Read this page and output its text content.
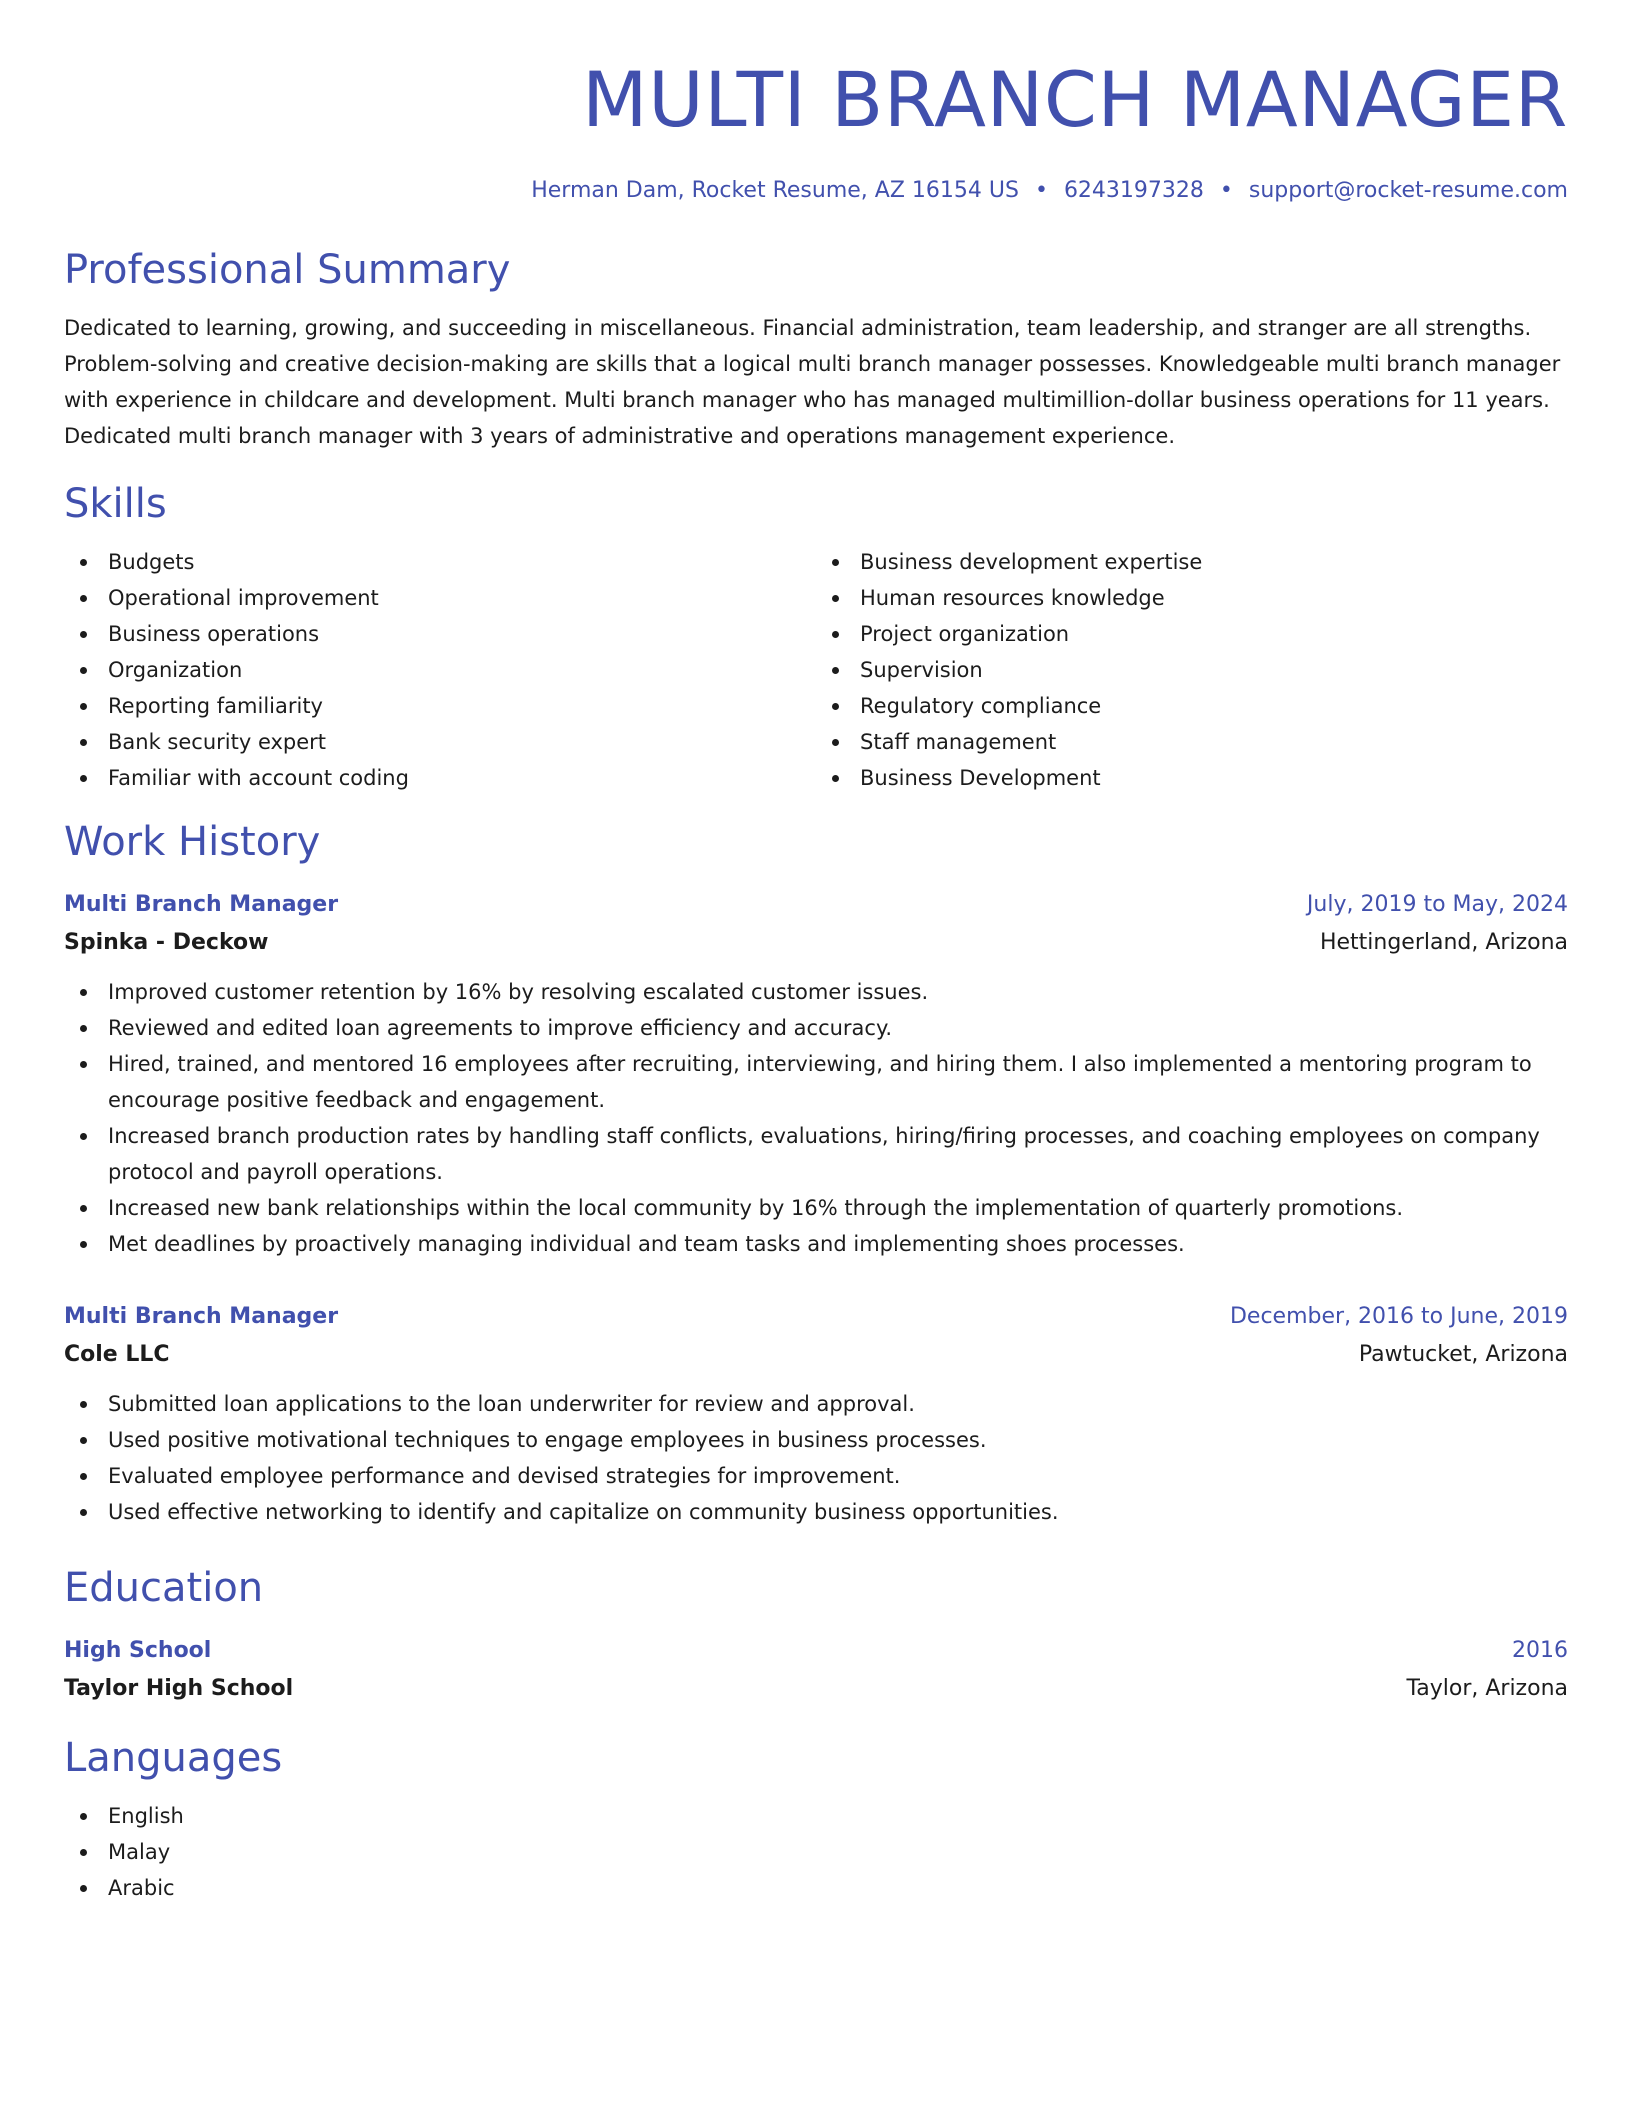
MULTI BRANCH MANAGER
Herman Dam, Rocket Resume, AZ 16154 US • 6243197328 • support@rocket-resume.com
Professional Summary

Dedicated to learning, growing, and succeeding in miscellaneous. Financial administration, team leadership, and stranger are all strengths. Problem-solving and creative decision-making are skills that a logical multi branch manager possesses. Knowledgeable multi branch manager with experience in childcare and development. Multi branch manager who has managed multimillion-dollar business operations for 11 years. Dedicated multi branch manager with 3 years of administrative and operations management experience.

Skills
Budgets
Operational improvement
Business operations
Organization
Reporting familiarity
Bank security expert
Familiar with account coding
Business development expertise
Human resources knowledge
Project organization
Supervision
Regulatory compliance
Staff management
Business Development
Work History
Multi Branch Manager	July, 2019 to May, 2024
Spinka - Deckow	Hettingerland, Arizona
Improved customer retention by 16% by resolving escalated customer issues.
Reviewed and edited loan agreements to improve efficiency and accuracy.
Hired, trained, and mentored 16 employees after recruiting, interviewing, and hiring them. I also implemented a mentoring program to encourage positive feedback and engagement.
Increased branch production rates by handling staff conflicts, evaluations, hiring/firing processes, and coaching employees on company protocol and payroll operations.
Increased new bank relationships within the local community by 16% through the implementation of quarterly promotions.
Met deadlines by proactively managing individual and team tasks and implementing shoes processes.
Multi Branch Manager	December, 2016 to June, 2019
Cole LLC	Pawtucket, Arizona
Submitted loan applications to the loan underwriter for review and approval.
Used positive motivational techniques to engage employees in business processes.
Evaluated employee performance and devised strategies for improvement.
Used effective networking to identify and capitalize on community business opportunities.
Education
High School	2016
Taylor High School	Taylor, Arizona
Languages
English
Malay
Arabic
